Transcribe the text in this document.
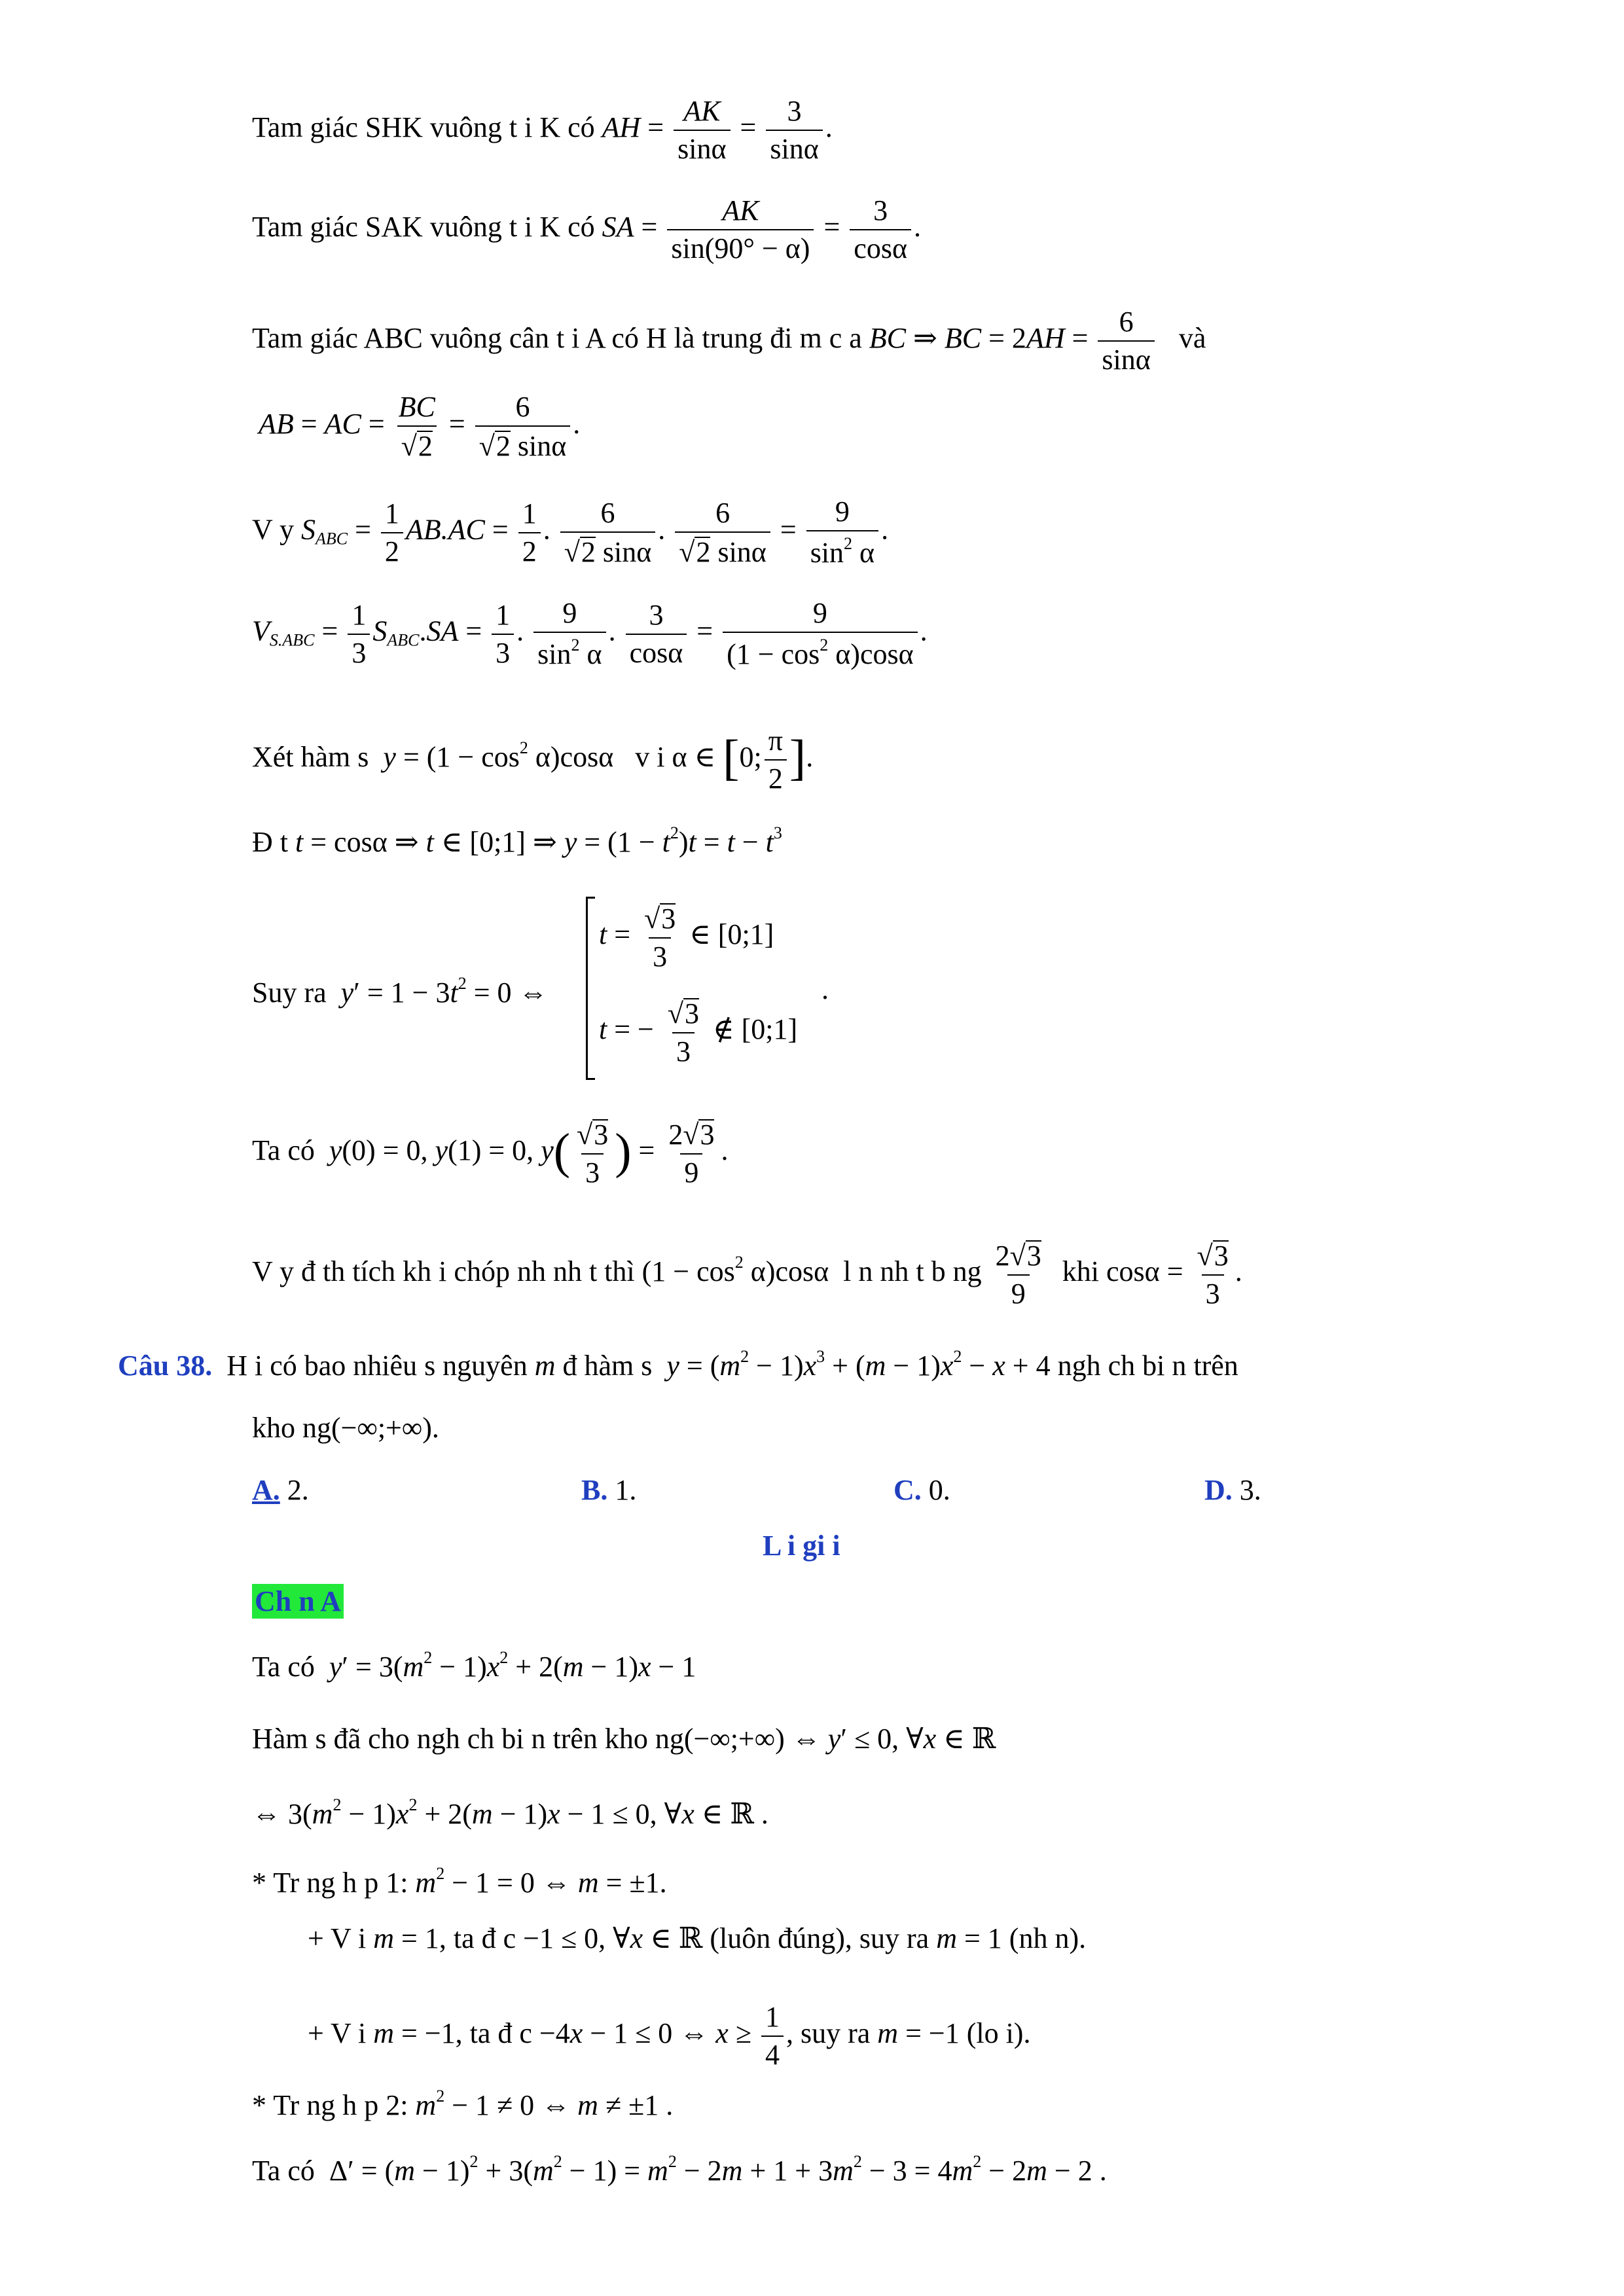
Tam giác SHK vuông t i K có AH = $\frac{AK}{\sin\alpha} = \frac{3}{\sin\alpha}$ .
Tam giác SAK vuông t i K có SA = $\frac{AK}{\sin(90^\circ - \alpha)} = \frac{3}{\cos\alpha}$ .
Tam giác ABC vuông cân t i A có H là trung đi m c a BC ⇒ BC = $2AH = \frac{6}{\sin\alpha}$ và
AB = AC = $\frac{BC}{√2} = \frac{6}{√2 \sin\alpha}$ .
V y $S_{ABC} = \frac{1}{2} AB.AC = \frac{1}{2}$ . $\frac{6}{√2 \sin\alpha}$ . $\frac{6}{√2 \sin\alpha} = \frac{9}{\sin^2 \alpha}$ .
$V_{S.ABC} = \frac{1}{3} S_{ABC}.SA = \frac{1}{3}$ . $\frac{9}{\sin^2 \alpha}$ . $\frac{3}{\cos\alpha} = \frac{9}{(1 - \cos^2 \alpha)\cos\alpha}$ .
Xét hàm s $y = (1 - \cos^2 \alpha)\cos\alpha$   v i α ∈ [0; $\frac{\pi}{2}$ ].
Đ t t = cosα ⇒ t ∈ [0;1] ⇒ $y = (1 - t^2)t = t - t^3$
Suy ra $y' = 1 - 3t^2 = 0$ ⇔
$t = \frac{√3}{3}$ ∈ [0;1]
t = − $\frac{√3}{3}$ ∉ [0;1]
.
Ta có y(0) = 0, y(1) = 0, $y( \frac{√3}{3}$ ) = $\frac{2√3}{9}$ .
V y đ th tích kh i chóp nh nh t thì $(1 - \cos^2 \alpha)\cos\alpha$  l n nh t b ng $\frac{2√3}{9}$ khi $\cos\alpha = \frac{√3}{3}$ .
Câu 38. H i có bao nhiêu s nguyên m đ hàm s $y = (m^2 - 1)x^3 + (m - 1)x^2 - x + 4$ ngh ch bi n trên
kho ng(−∞;+∞).
A. 2.	B. 1.	C. 0.	D. 3.
L i gi i
Ch n A
Ta có $y' = 3(m^2 - 1)x^2 + 2(m - 1)x - 1$
Hàm s đã cho ngh ch bi n trên kho ng(−∞;+∞) ⇔ y′ ≤ 0, ∀x ∈ ℝ
⇔ $3(m^2 - 1)x^2 + 2(m - 1)x - 1 \le 0$, ∀x ∈ ℝ .
* Tr ng h p 1: $m^2 - 1 = 0$ ⇔ m = ±1.
+ V i m = 1, ta đ c −1 ≤ 0, ∀x ∈ ℝ (luôn đúng), suy ra m = 1 (nh n).
+ V i m = −1, ta đ c −4x − 1 ≤ 0 ⇔ $x \ge \frac{1}{4}$ , suy ra m = −1 (lo i).
* Tr ng h p 2: $m^2 - 1 \ne 0$ ⇔ m ≠ ±1 .
Ta có  $\Delta' = (m - 1)^2 + 3(m^2 - 1) = m^2 - 2m + 1 + 3m^2 - 3 = 4m^2 - 2m - 2$ .
